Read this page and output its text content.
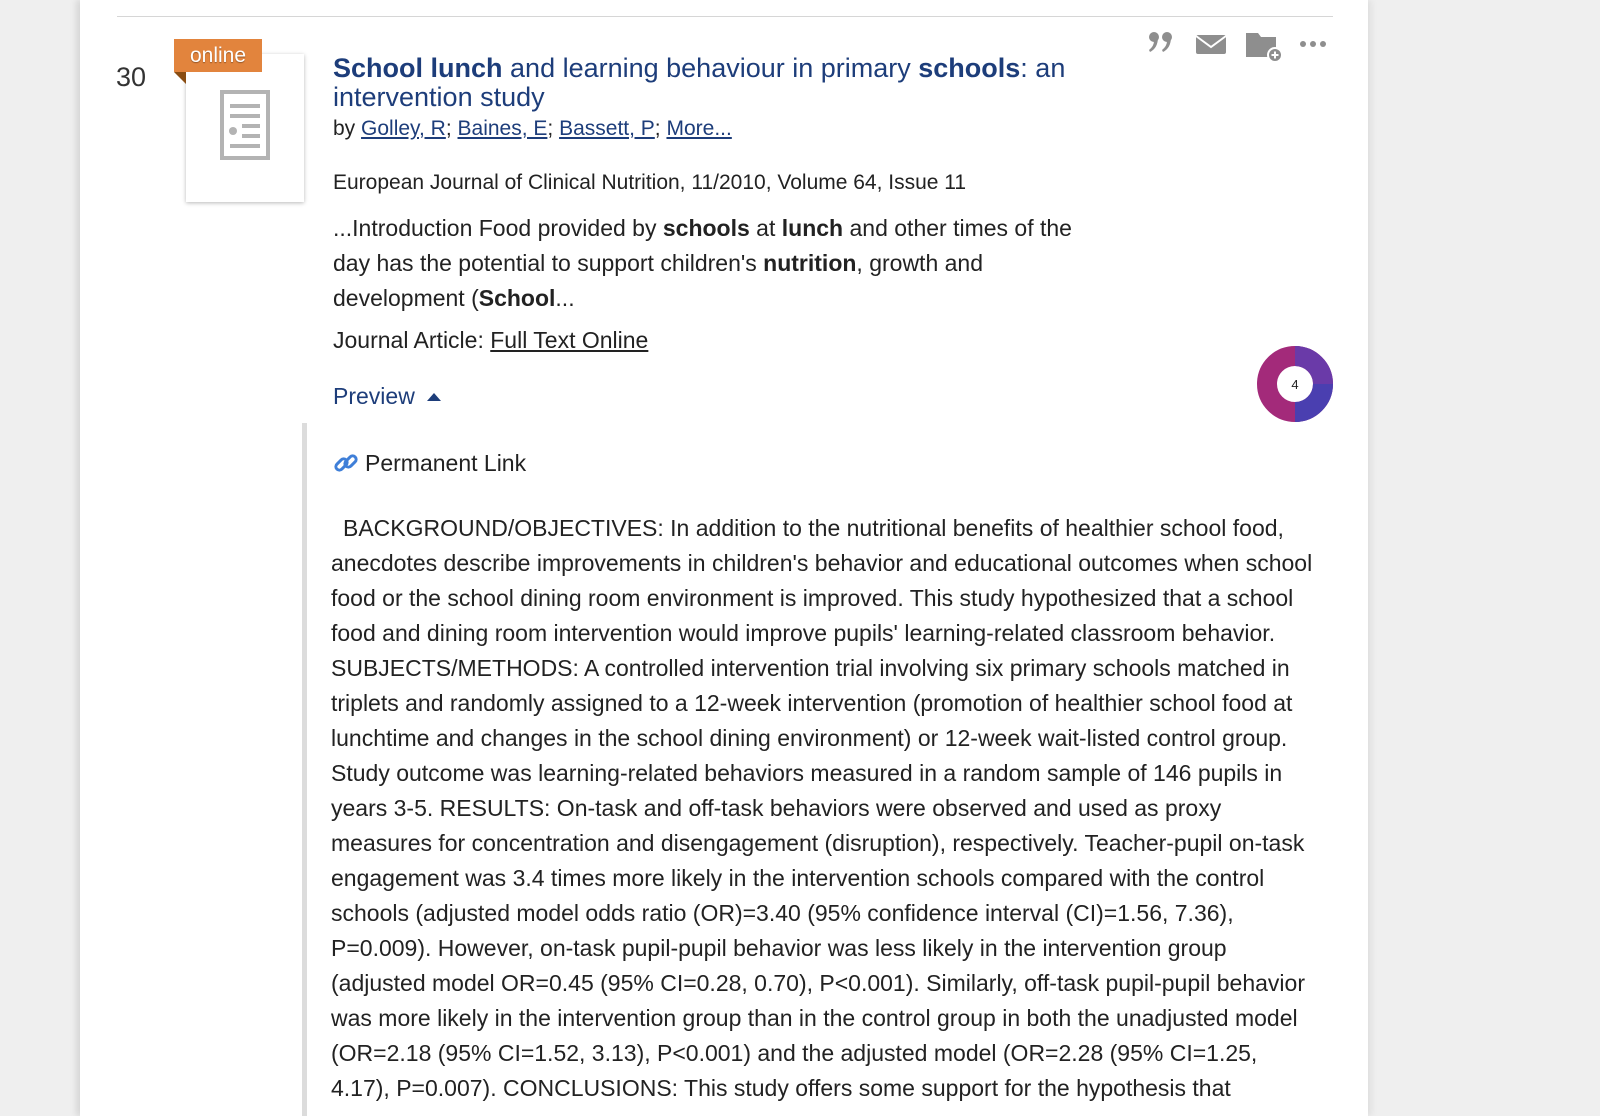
30
online	School lunch and learning behaviour in primary schools: an intervention study
by Golley, R; Baines, E; Bassett, P; More...
European Journal of Clinical Nutrition, 11/2010, Volume 64, Issue 11
...Introduction Food provided by schools at lunch and other times of the day has the potential to support children's nutrition, growth and development (School...
Journal Article: Full Text Online
Preview	4
Permanent Link
BACKGROUND/OBJECTIVES: In addition to the nutritional benefits of healthier school food, anecdotes describe improvements in children's behavior and educational outcomes when school food or the school dining room environment is improved. This study hypothesized that a school food and dining room intervention would improve pupils' learning-related classroom behavior. SUBJECTS/METHODS: A controlled intervention trial involving six primary schools matched in triplets and randomly assigned to a 12-week intervention (promotion of healthier school food at lunchtime and changes in the school dining environment) or 12-week wait-listed control group. Study outcome was learning-related behaviors measured in a random sample of 146 pupils in years 3-5. RESULTS: On-task and off-task behaviors were observed and used as proxy measures for concentration and disengagement (disruption), respectively. Teacher-pupil on-task engagement was 3.4 times more likely in the intervention schools compared with the control schools (adjusted model odds ratio (OR)=3.40 (95% confidence interval (CI)=1.56, 7.36), P=0.009). However, on-task pupil-pupil behavior was less likely in the intervention group (adjusted model OR=0.45 (95% CI=0.28, 0.70), P<0.001). Similarly, off-task pupil-pupil behavior was more likely in the intervention group than in the control group in both the unadjusted model (OR=2.18 (95% CI=1.52, 3.13), P<0.001) and the adjusted model (OR=2.28 (95% CI=1.25, 4.17), P=0.007). CONCLUSIONS: This study offers some support for the hypothesis that
